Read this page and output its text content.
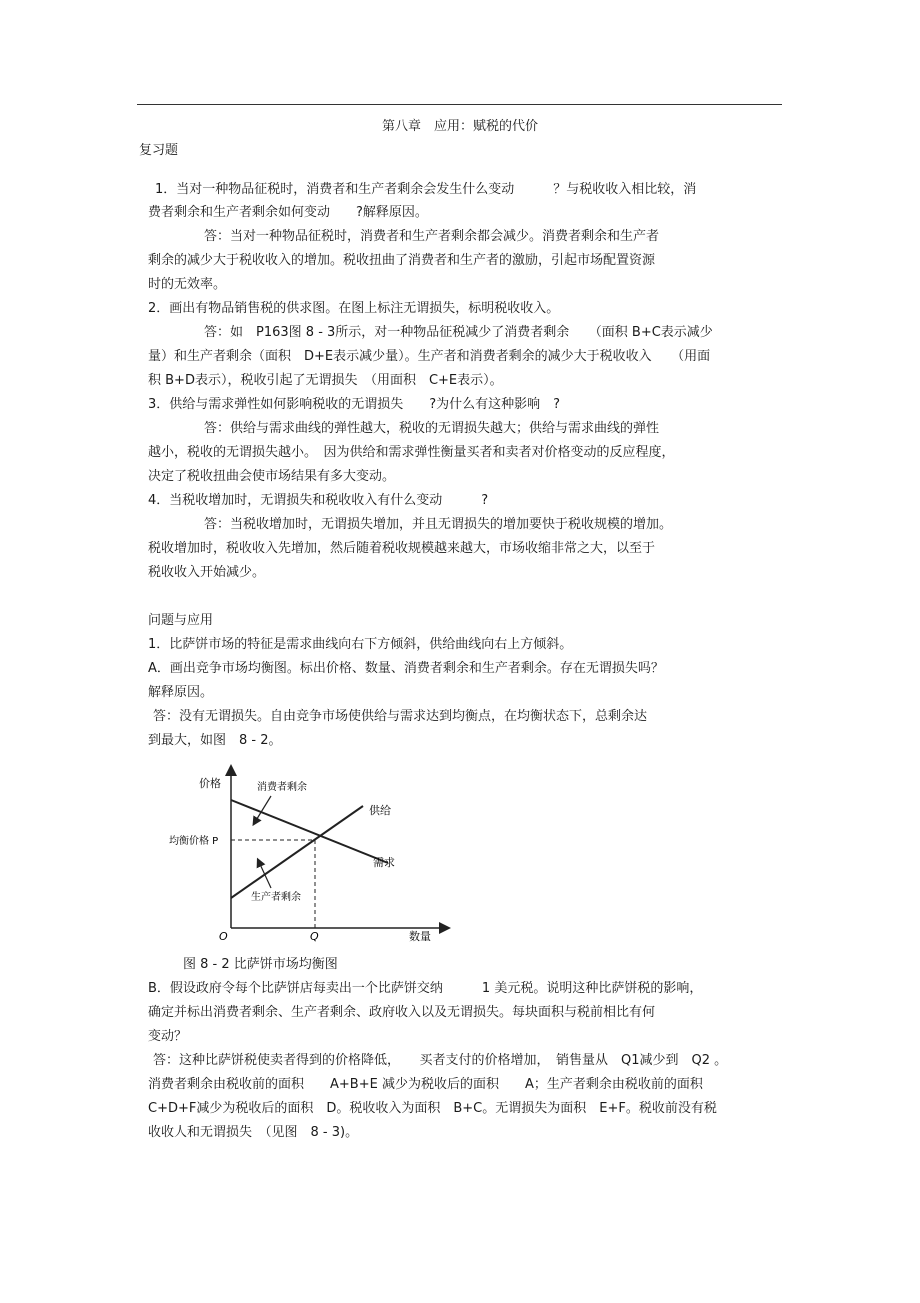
第八章　应用：赋税的代价
复习题
1．当对一种物品征税时，消费者和生产者剩余会发生什么变动　　　？与税收收入相比较，消
费者剩余和生产者剩余如何变动　　?解释原因。
答：当对一种物品征税时，消费者和生产者剩余都会减少。消费者剩余和生产者
剩余的减少大于税收收入的增加。税收扭曲了消费者和生产者的激励，引起市场配置资源
时的无效率。
2．画出有物品销售税的供求图。在图上标注无谓损失，标明税收收入。
答：如　P163图 8 - 3所示，对一种物品征税减少了消费者剩余　　（面积 B+C表示减少
量）和生产者剩余（面积　D+E表示减少量）。生产者和消费者剩余的减少大于税收收入　　（用面
积 B+D表示），税收引起了无谓损失　（用面积　C+E表示）。
3．供给与需求弹性如何影响税收的无谓损失　　?为什么有这种影响　?
答：供给与需求曲线的弹性越大，税收的无谓损失越大；供给与需求曲线的弹性
越小，税收的无谓损失越小。　因为供给和需求弹性衡量买者和卖者对价格变动的反应程度，
决定了税收扭曲会使市场结果有多大变动。
4．当税收增加时，无谓损失和税收收入有什么变动　　　?
答：当税收增加时，无谓损失增加，并且无谓损失的增加要快于税收规模的增加。
税收增加时，税收收入先增加，然后随着税收规模越来越大，市场收缩非常之大，以至于
税收收入开始减少。
问题与应用
1．比萨饼市场的特征是需求曲线向右下方倾斜，供给曲线向右上方倾斜。
A．画出竞争市场均衡图。标出价格、数量、消费者剩余和生产者剩余。存在无谓损失吗？
解释原因。
答：没有无谓损失。自由竞争市场使供给与需求达到均衡点，在均衡状态下，总剩余达
到最大，如图　8 - 2。
价格
数量
O	Q
均衡价格 P
消费者剩余
生产者剩余
供给
需求
图 8 - 2 比萨饼市场均衡图
B．假设政府令每个比萨饼店每卖出一个比萨饼交纳　　　1 美元税。说明这种比萨饼税的影响，
确定并标出消费者剩余、生产者剩余、政府收入以及无谓损失。每块面积与税前相比有何
变动？
答：这种比萨饼税使卖者得到的价格降低，　　买者支付的价格增加，　销售量从　Q1减少到　Q2 。
消费者剩余由税收前的面积　　A+B+E 减少为税收后的面积　　A；生产者剩余由税收前的面积
C+D+F减少为税收后的面积　D。税收收入为面积　B+C。无谓损失为面积　E+F。税收前没有税
收收人和无谓损失　（见图　8 - 3)。
